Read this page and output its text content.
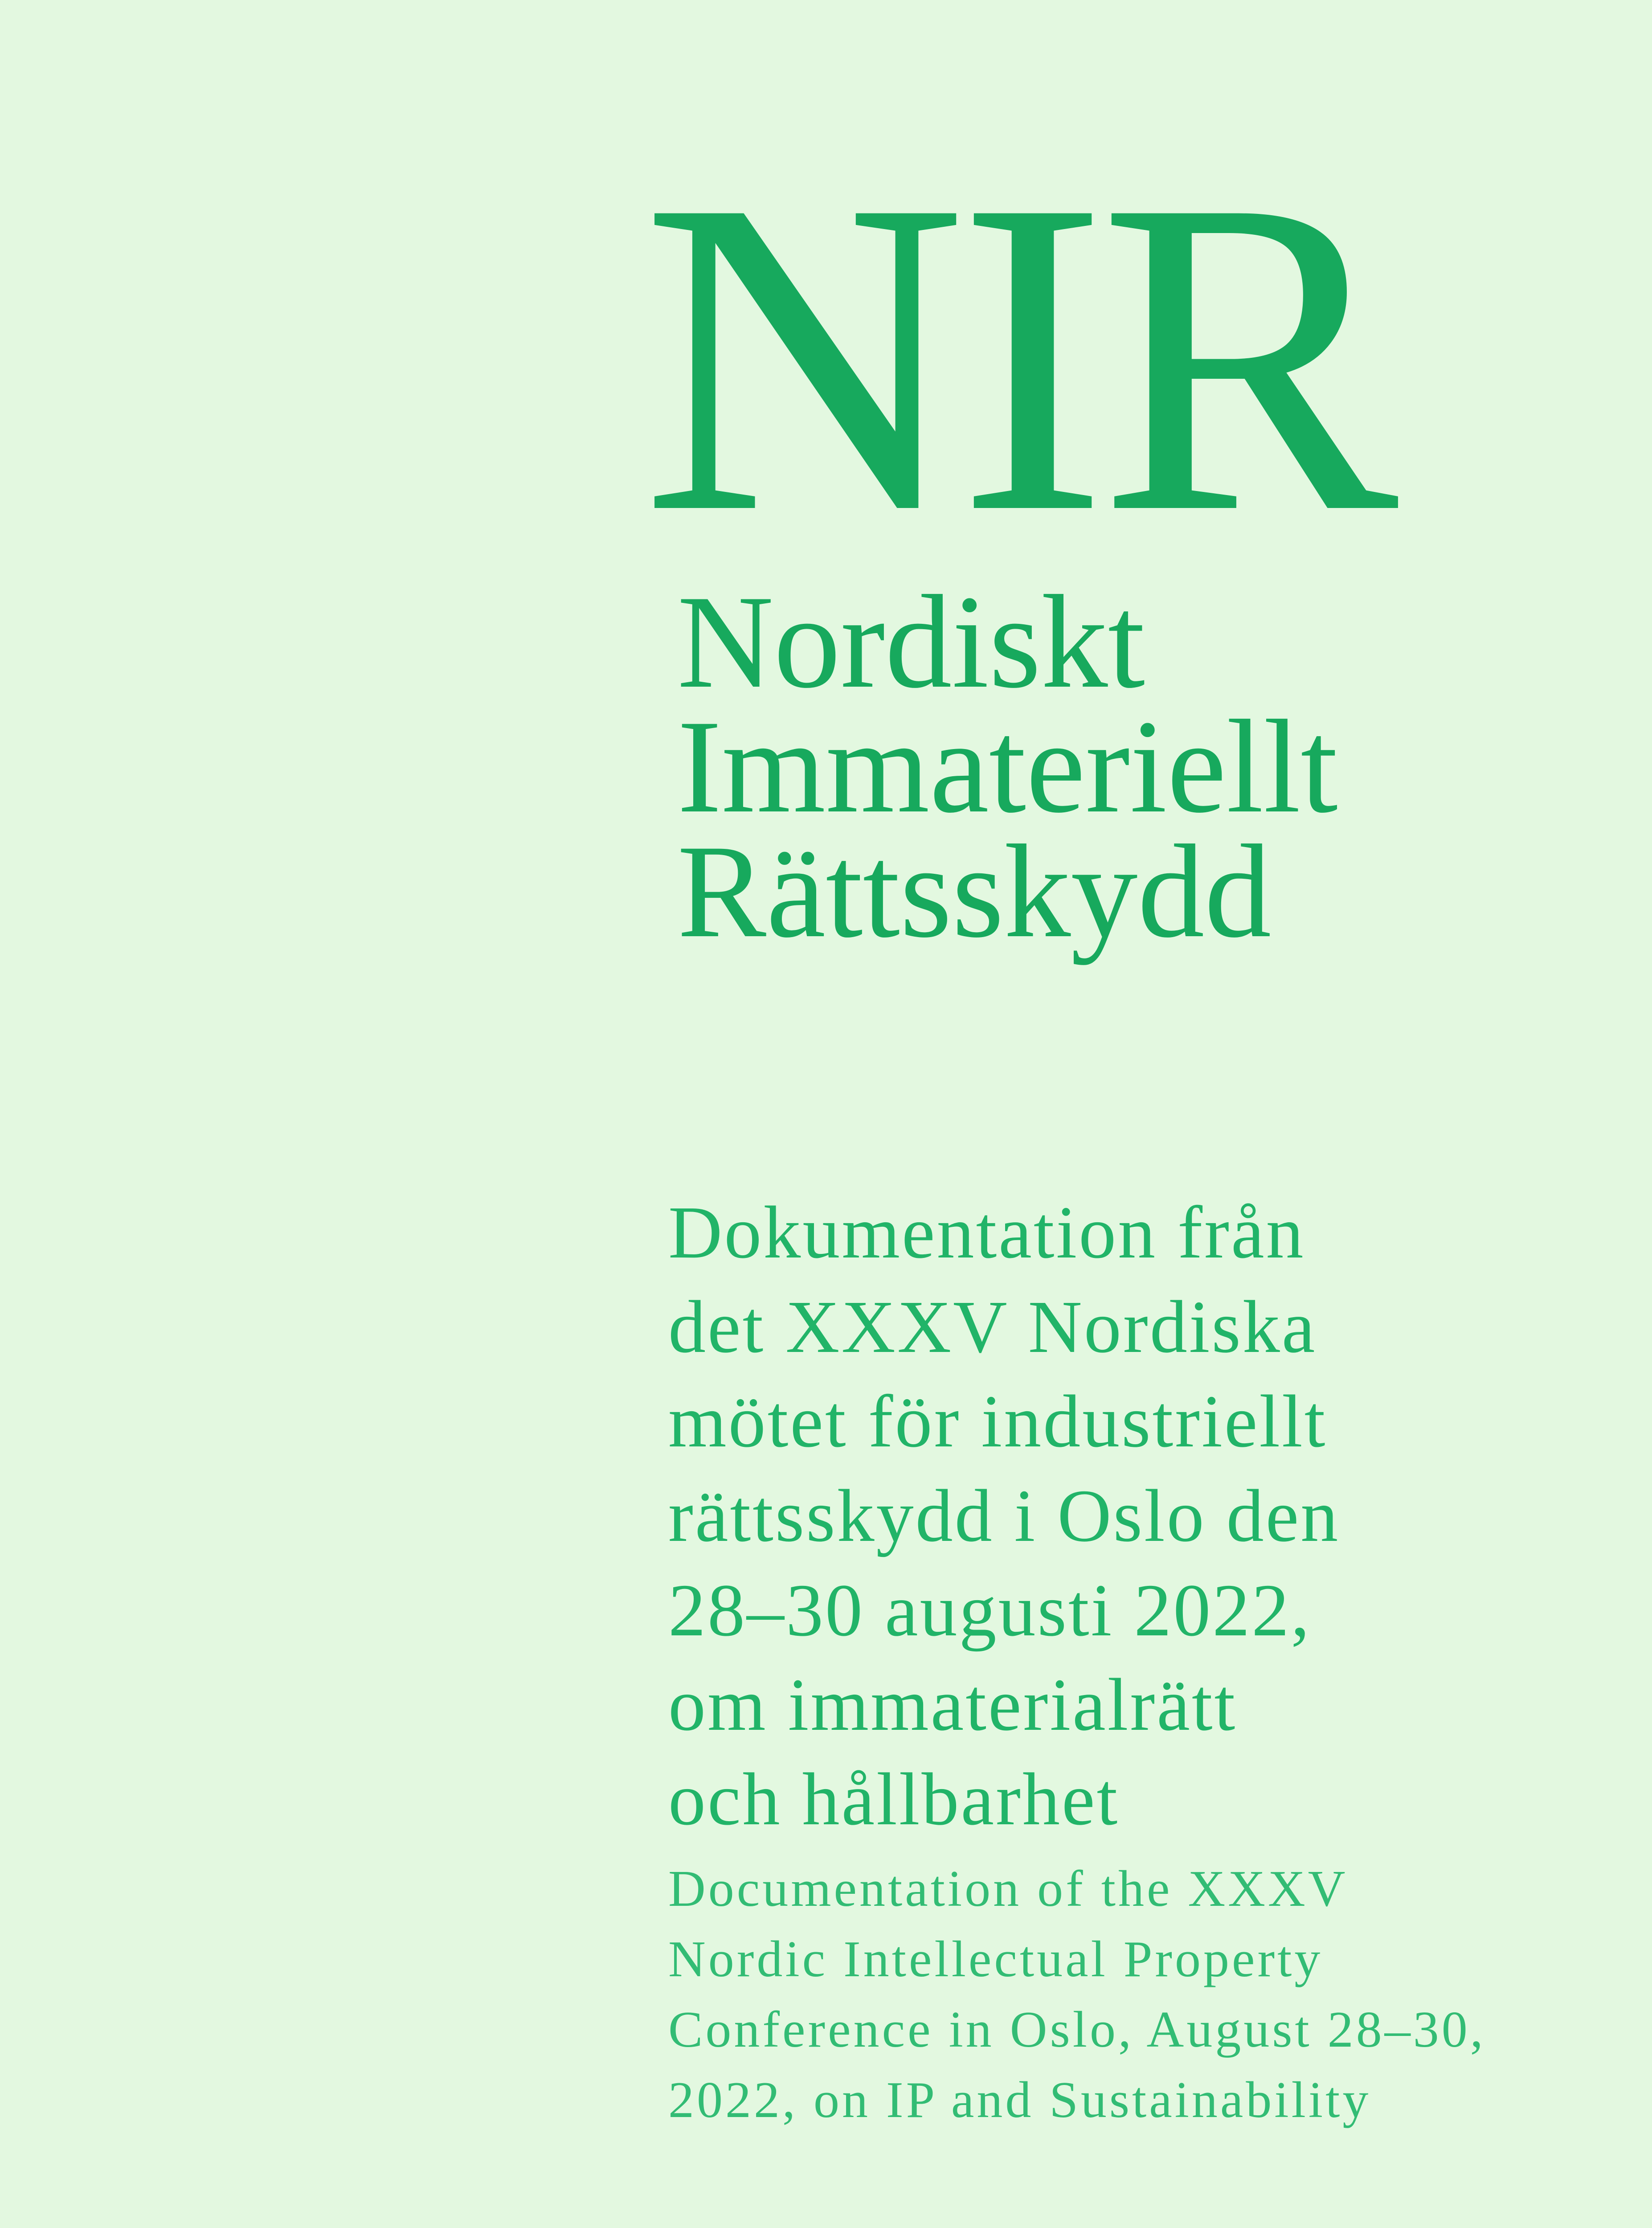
NIR
Nordiskt
Immateriellt
Rättsskydd
Dokumentation från
det XXXV Nordiska
mötet för industriellt
rättsskydd i Oslo den
28–30 augusti 2022,
om immaterialrätt
och hållbarhet
Documentation of the XXXV
Nordic Intellectual Property
Conference in Oslo, August 28–30,
2022, on IP and Sustainability
